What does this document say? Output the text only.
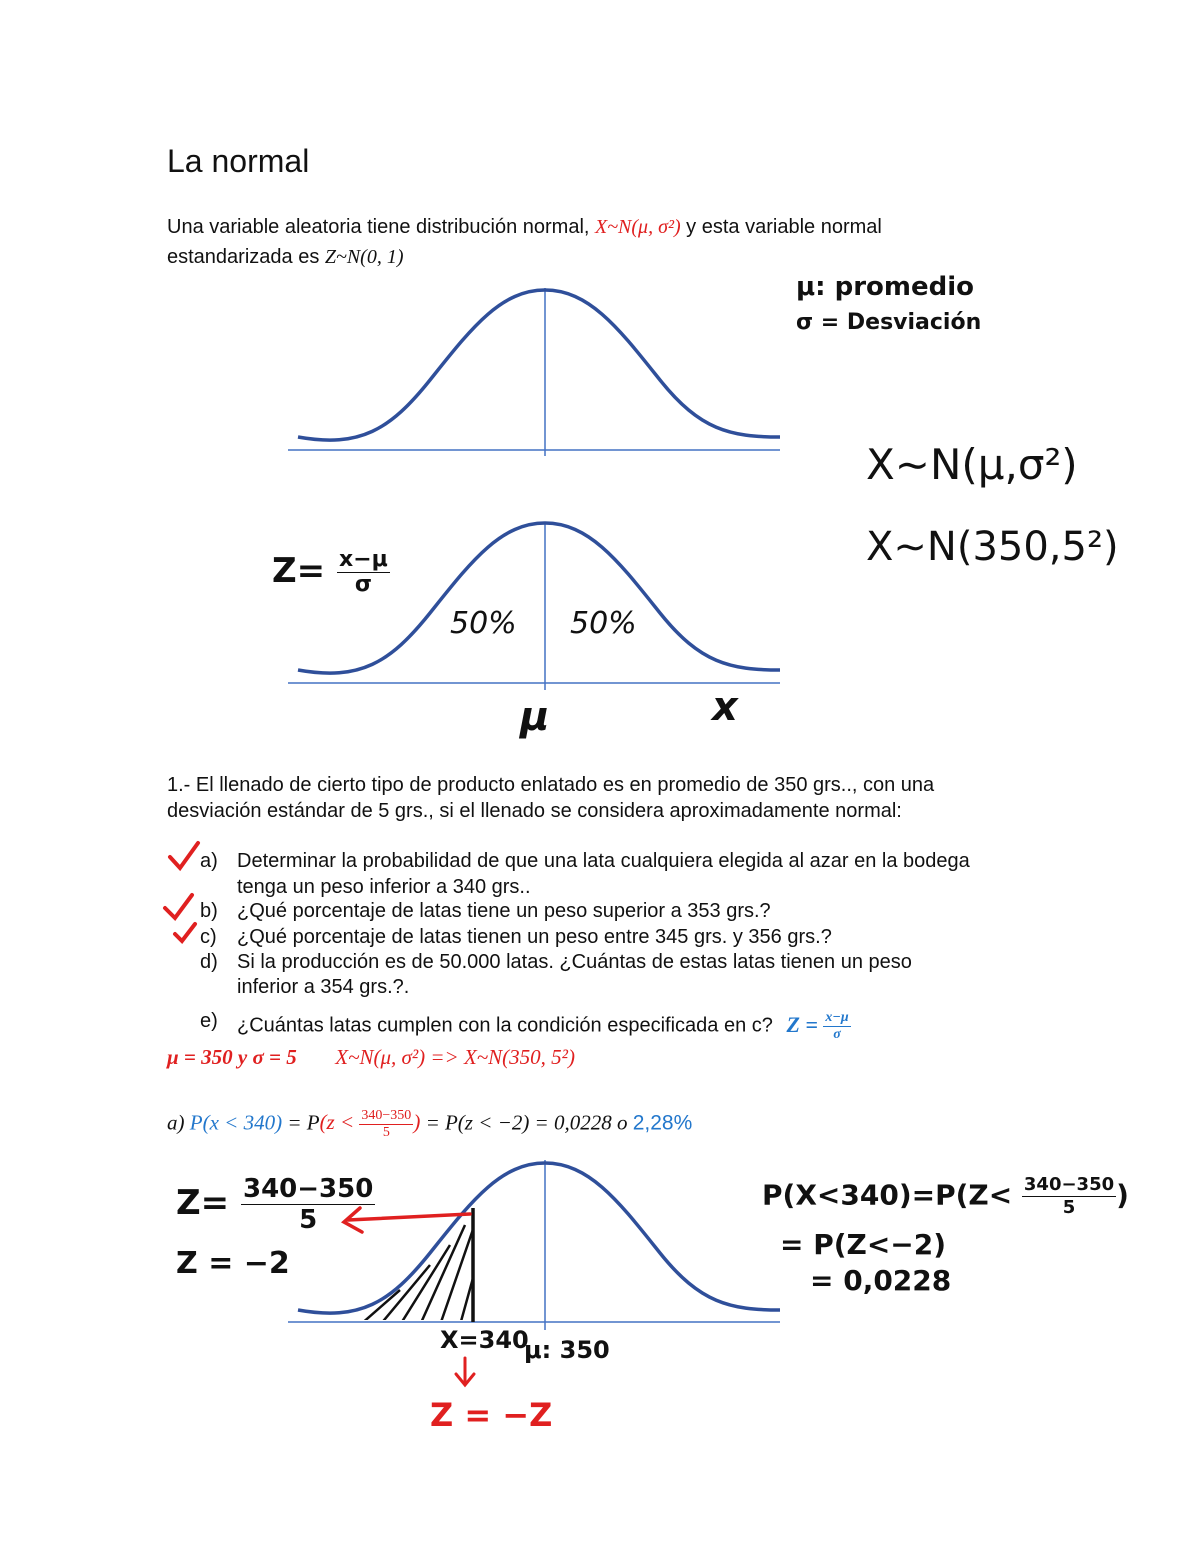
La normal
Una variable aleatoria tiene distribución normal, X~N(μ, σ²) y esta variable normal
estandarizada es Z~N(0, 1)
μ: promedio
σ = Desviación
X∼N(μ,σ²)
X∼N(350,5²)
$Z= \frac{x-\mu}{\sigma}$
50% 50%
μ	x
1.- El llenado de cierto tipo de producto enlatado es en promedio de 350 grs.., con una
desviación estándar de 5 grs., si el llenado se considera aproximadamente normal:
a) Determinar la probabilidad de que una lata cualquiera elegida al azar en la bodega
tenga un peso inferior a 340 grs..
b) ¿Qué porcentaje de latas tiene un peso superior a 353 grs.?
c) ¿Qué porcentaje de latas tienen un peso entre 345 grs. y 356 grs.?
d) Si la producción es de 50.000 latas. ¿Cuántas de estas latas tienen un peso
inferior a 354 grs.?.
e) ¿Cuántas latas cumplen con la condición especificada en c? $Z = \frac{x-\mu}{\sigma}$
μ = 350 y σ = 5 X~N(μ, σ²) => X~N(350, 5²)
a) $P(x < 340) = P(z < \frac{340-350}{5}$ ) = P(z < −2) = 0,0228 o 2,28%
$Z= \frac{340-350}{5}$
Z = −2
$P(X<340)=P(Z< \frac{340-350}{5}$ )
= P(Z<−2)
= 0,0228
X=340
μ: 350
Z = −Z
